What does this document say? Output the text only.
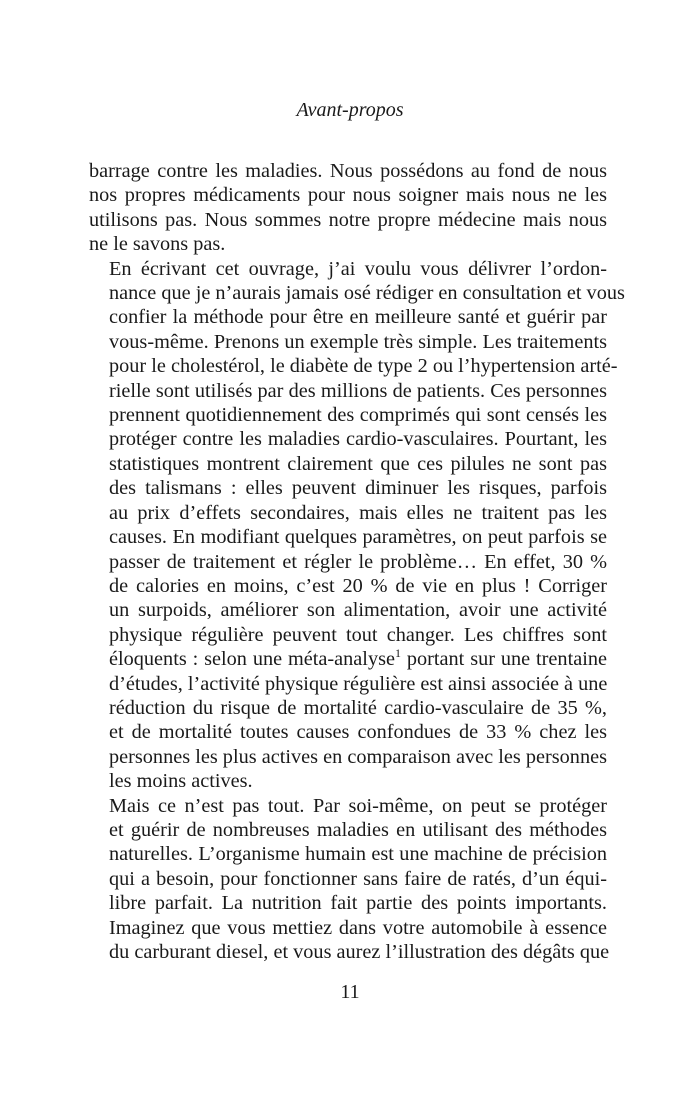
Avant-propos

barrage contre les maladies. Nous possédons au fond de nous
nos propres médicaments pour nous soigner mais nous ne les
utilisons pas. Nous sommes notre propre médecine mais nous
ne le savons pas.

En écrivant cet ouvrage, j’ai voulu vous délivrer l’ordon-
nance que je n’aurais jamais osé rédiger en consultation et vous
confier la méthode pour être en meilleure santé et guérir par
vous-même. Prenons un exemple très simple. Les traitements
pour le cholestérol, le diabète de type 2 ou l’hypertension arté-
rielle sont utilisés par des millions de patients. Ces personnes
prennent quotidiennement des comprimés qui sont censés les
protéger contre les maladies cardio-vasculaires. Pourtant, les
statistiques montrent clairement que ces pilules ne sont pas
des talismans : elles peuvent diminuer les risques, parfois
au prix d’effets secondaires, mais elles ne traitent pas les
causes. En modifiant quelques paramètres, on peut parfois se
passer de traitement et régler le problème… En effet, 30 %
de calories en moins, c’est 20 % de vie en plus ! Corriger
un surpoids, améliorer son alimentation, avoir une activité
physique régulière peuvent tout changer. Les chiffres sont
éloquents : selon une méta-analyse$^1$ portant sur une trentaine
d’études, l’activité physique régulière est ainsi associée à une
réduction du risque de mortalité cardio-vasculaire de 35 %,
et de mortalité toutes causes confondues de 33 % chez les
personnes les plus actives en comparaison avec les personnes
les moins actives.

Mais ce n’est pas tout. Par soi-même, on peut se protéger
et guérir de nombreuses maladies en utilisant des méthodes
naturelles. L’organisme humain est une machine de précision
qui a besoin, pour fonctionner sans faire de ratés, d’un équi-
libre parfait. La nutrition fait partie des points importants.
Imaginez que vous mettiez dans votre automobile à essence
du carburant diesel, et vous aurez l’illustration des dégâts que

11
